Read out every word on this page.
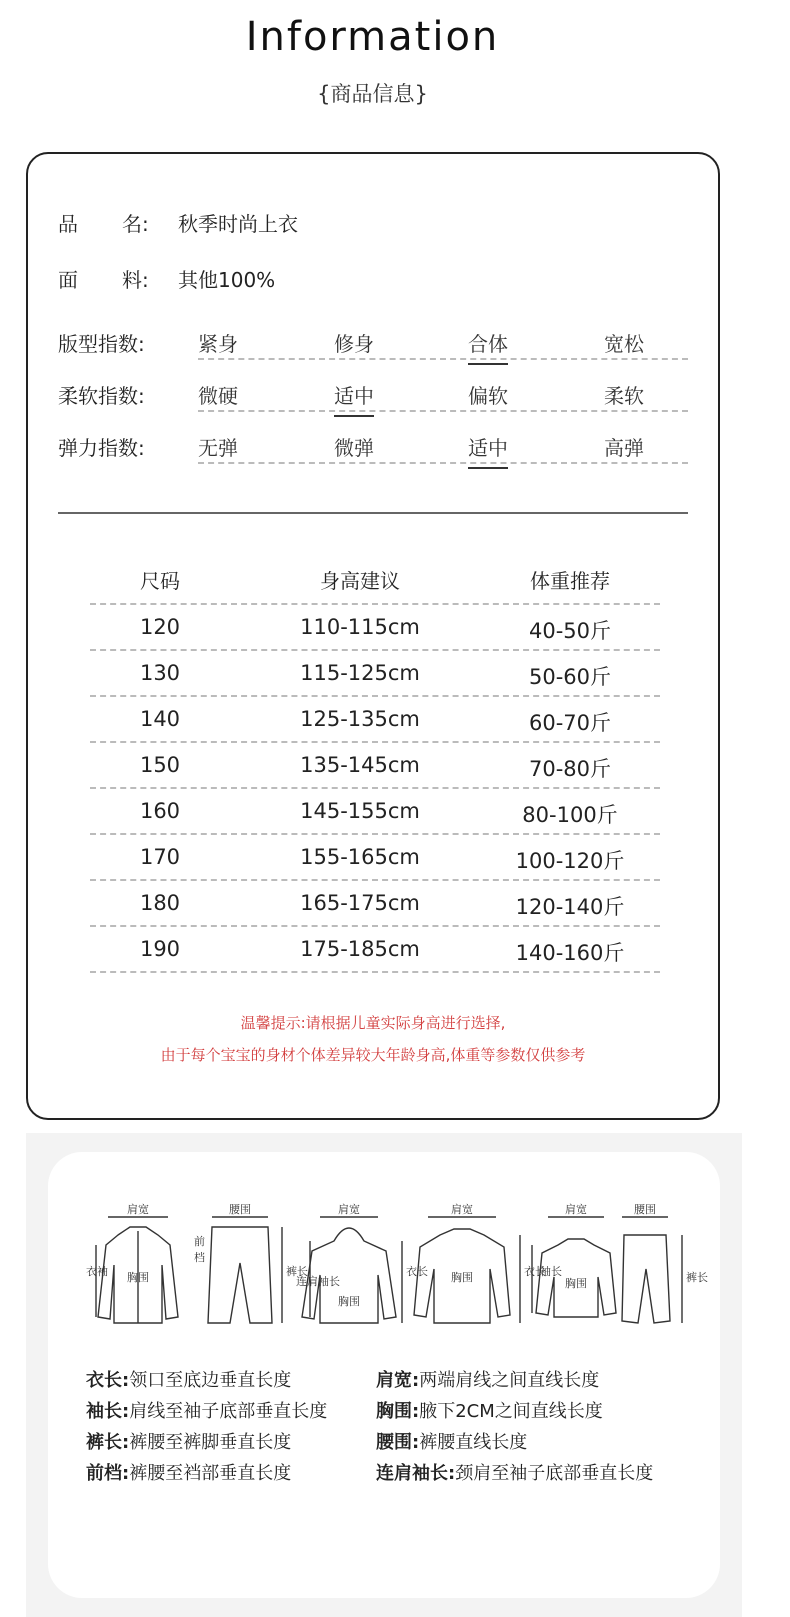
Information
{商品信息}
品 名: 秋季时尚上衣
面 料: 其他100%
版型指数:	紧身	修身	合体	宽松
柔软指数:	微硬	适中	偏软	柔软
弹力指数:	无弹	微弹	适中	高弹
尺码	身高建议	体重推荐
120	110-115cm	40-50斤
130	115-125cm	50-60斤
140	125-135cm	60-70斤
150	135-145cm	70-80斤
160	145-155cm	80-100斤
170	155-165cm	100-120斤
180	165-175cm	120-140斤
190	175-185cm	140-160斤
温馨提示:请根据儿童实际身高进行选择,
由于每个宝宝的身材个体差异较大年龄身高,体重等参数仅供参考
肩宽
胸围
衣袖
腰围
前
档
裤长
肩宽
胸围
连肩袖长
衣长
肩宽
胸围	衣长
肩宽
胸围
袖长
腰围
裤长
衣长:领口至底边垂直长度	肩宽:两端肩线之间直线长度
袖长:肩线至袖子底部垂直长度	胸围:腋下2CM之间直线长度
裤长:裤腰至裤脚垂直长度	腰围:裤腰直线长度
前档:裤腰至裆部垂直长度	连肩袖长:颈肩至袖子底部垂直长度
